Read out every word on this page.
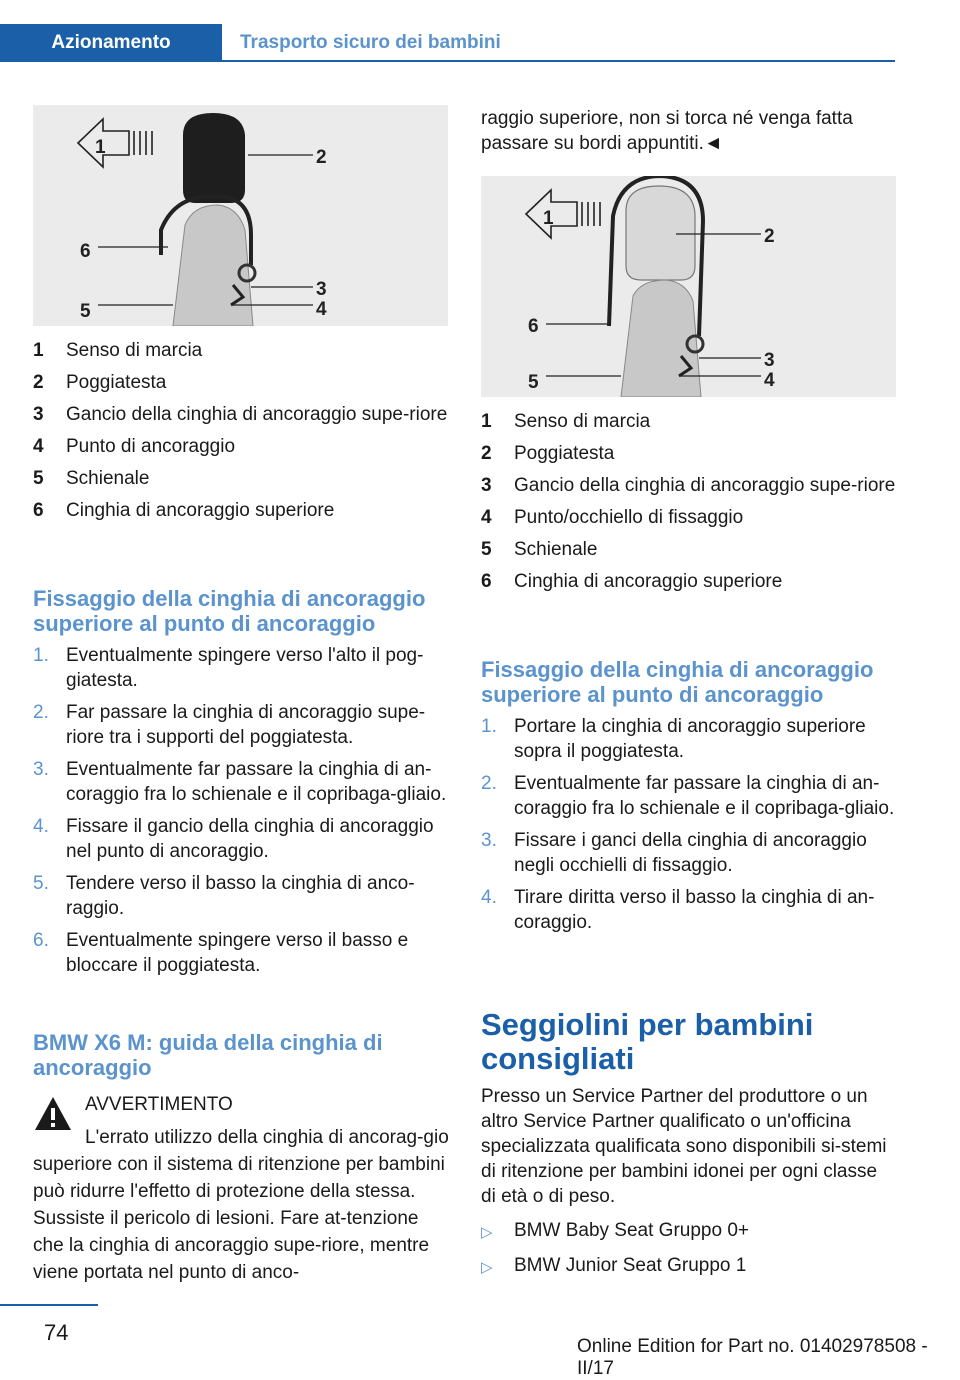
Azionamento	Trasporto sicuro dei bambini
1	2
3
4
5
6
1	Senso di marcia
2	Poggiatesta
3	Gancio della cinghia di ancoraggio supe-riore
4	Punto di ancoraggio
5	Schienale
6	Cinghia di ancoraggio superiore
Fissaggio della cinghia di ancoraggio superiore al punto di ancoraggio
1. Eventualmente spingere verso l'alto il pog-giatesta.
2. Far passare la cinghia di ancoraggio supe-riore tra i supporti del poggiatesta.
3. Eventualmente far passare la cinghia di an-coraggio fra lo schienale e il copribaga-gliaio.
4. Fissare il gancio della cinghia di ancoraggio nel punto di ancoraggio.
5. Tendere verso il basso la cinghia di anco-raggio.
6. Eventualmente spingere verso il basso e bloccare il poggiatesta.
BMW X6 M: guida della cinghia di ancoraggio
AVVERTIMENTO

L'errato utilizzo della cinghia di ancorag-gio superiore con il sistema di ritenzione per bambini può ridurre l'effetto di protezione della stessa. Sussiste il pericolo di lesioni. Fare at-tenzione che la cinghia di ancoraggio supe-riore, mentre viene portata nel punto di anco-

raggio superiore, non si torca né venga fatta passare su bordi appuntiti.◄

1
2
3
4
5
6
1	Senso di marcia
2	Poggiatesta
3	Gancio della cinghia di ancoraggio supe-riore
4	Punto/occhiello di fissaggio
5	Schienale
6	Cinghia di ancoraggio superiore
Fissaggio della cinghia di ancoraggio superiore al punto di ancoraggio
1. Portare la cinghia di ancoraggio superiore sopra il poggiatesta.
2. Eventualmente far passare la cinghia di an-coraggio fra lo schienale e il copribaga-gliaio.
3. Fissare i ganci della cinghia di ancoraggio negli occhielli di fissaggio.
4. Tirare diritta verso il basso la cinghia di an-coraggio.
Seggiolini per bambini consigliati

Presso un Service Partner del produttore o un altro Service Partner qualificato o un'officina specializzata qualificata sono disponibili si-stemi di ritenzione per bambini idonei per ogni classe di età o di peso.

▷	BMW Baby Seat Gruppo 0+
▷	BMW Junior Seat Gruppo 1
74
Online Edition for Part no. 01402978508 - II/17
